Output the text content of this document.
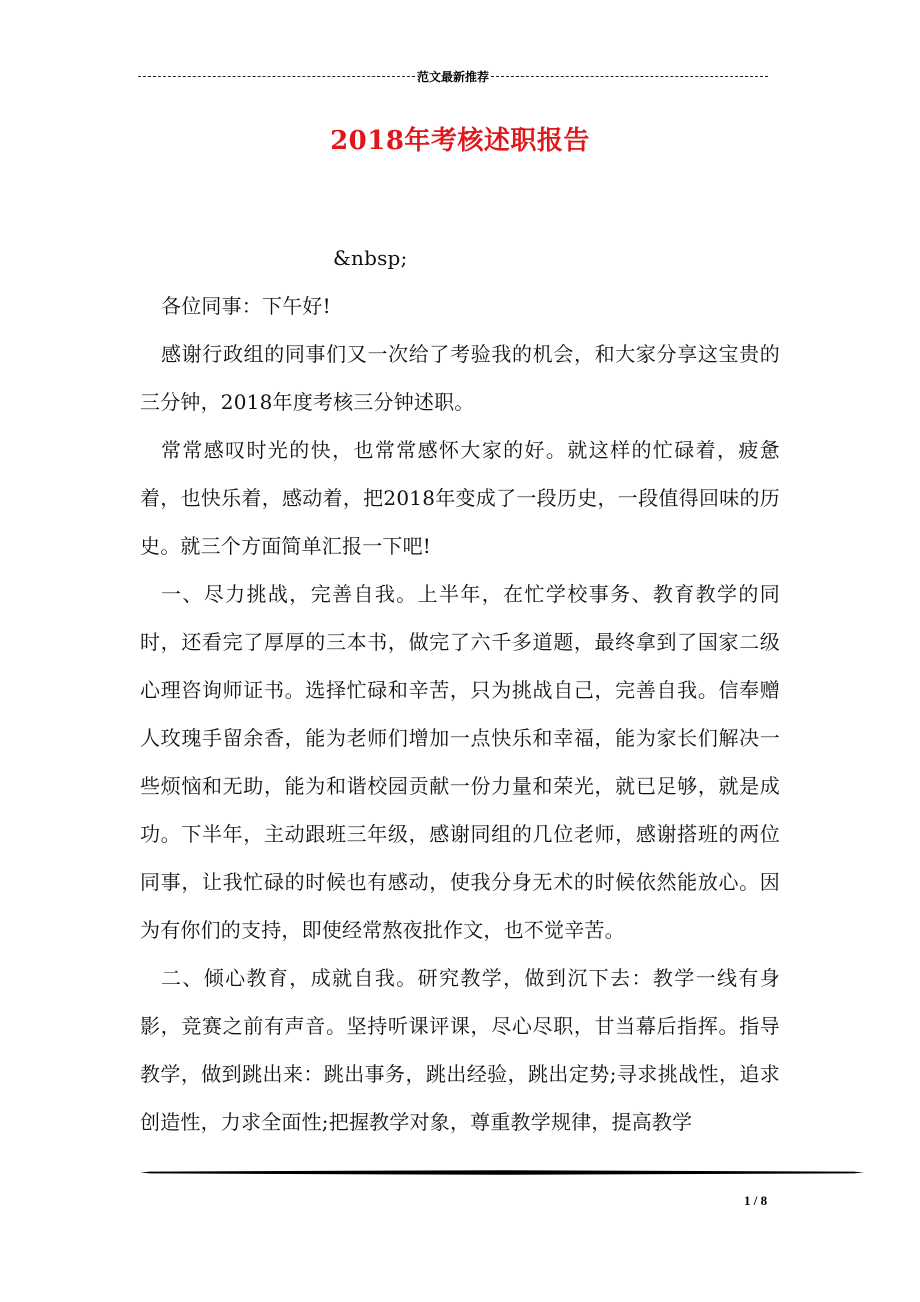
范文最新推荐
2018年考核述职报告

&nbsp;

各位同事：下午好!

感谢行政组的同事们又一次给了考验我的机会，和大家分享这宝贵的三分钟，2018年度考核三分钟述职。

常常感叹时光的快，也常常感怀大家的好。就这样的忙碌着，疲惫着，也快乐着，感动着，把2018年变成了一段历史，一段值得回味的历史。就三个方面简单汇报一下吧!

一、尽力挑战，完善自我。上半年，在忙学校事务、教育教学的同时，还看完了厚厚的三本书，做完了六千多道题，最终拿到了国家二级心理咨询师证书。选择忙碌和辛苦，只为挑战自己，完善自我。信奉赠人玫瑰手留余香，能为老师们增加一点快乐和幸福，能为家长们解决一些烦恼和无助，能为和谐校园贡献一份力量和荣光，就已足够，就是成功。下半年，主动跟班三年级，感谢同组的几位老师，感谢搭班的两位同事，让我忙碌的时候也有感动，使我分身无术的时候依然能放心。因为有你们的支持，即使经常熬夜批作文，也不觉辛苦。

二、倾心教育，成就自我。研究教学，做到沉下去：教学一线有身影，竞赛之前有声音。坚持听课评课，尽心尽职，甘当幕后指挥。指导教学，做到跳出来：跳出事务，跳出经验，跳出定势;寻求挑战性，追求创造性，力求全面性;把握教学对象，尊重教学规律，提高教学

1 / 8
